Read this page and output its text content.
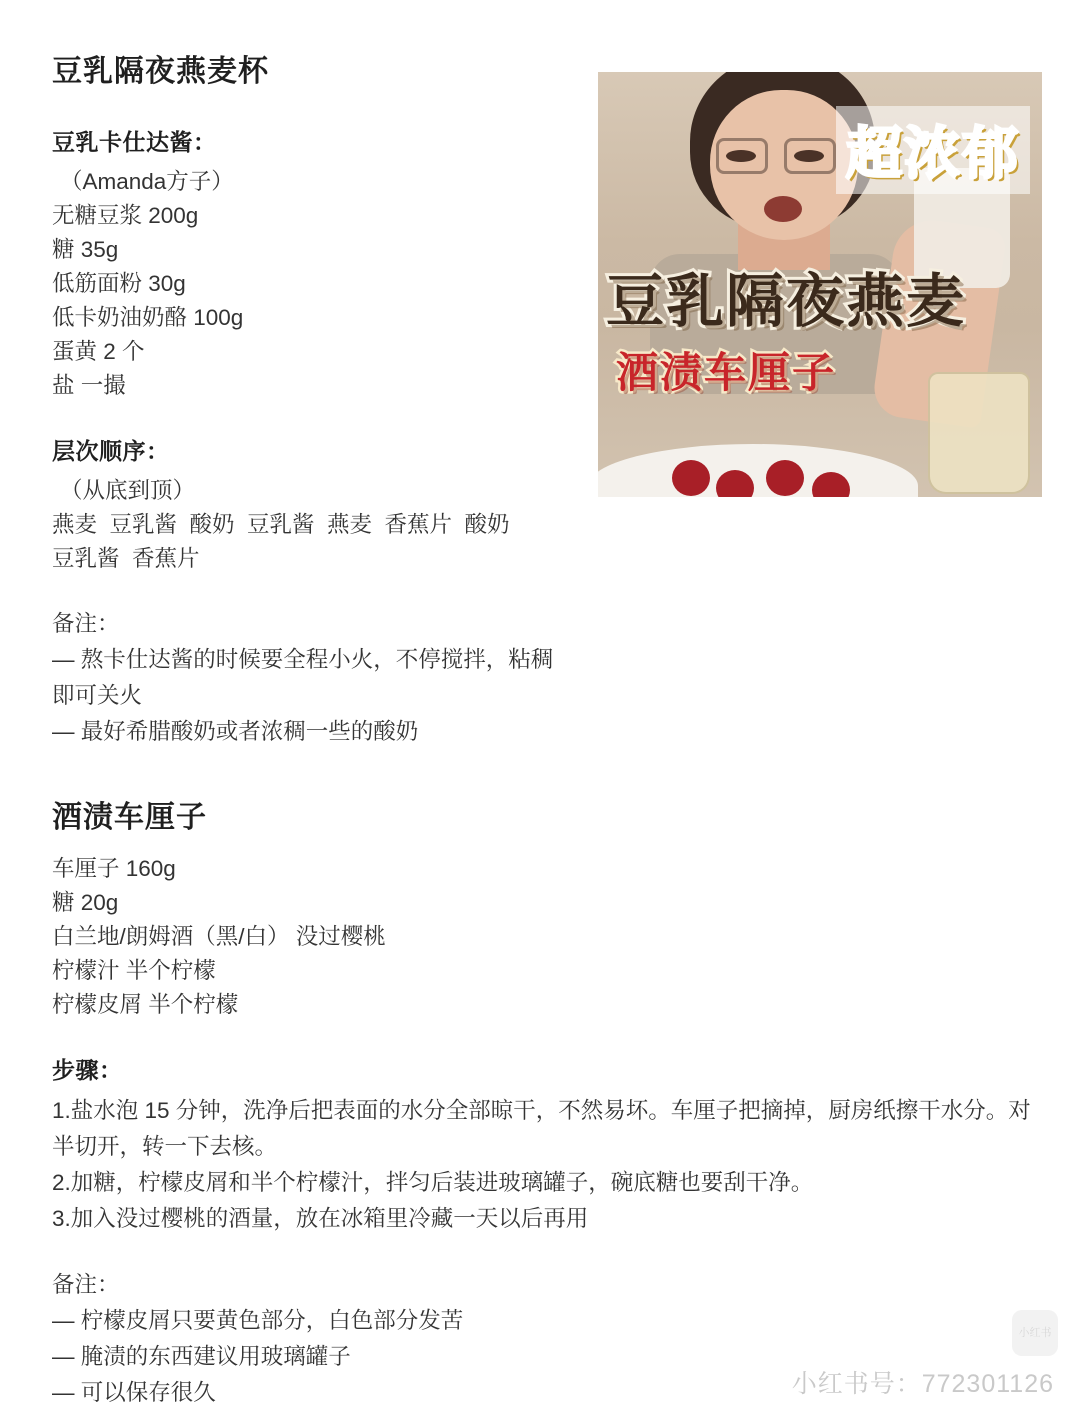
豆乳隔夜燕麦杯
豆乳卡仕达酱：
（Amanda方子）
无糖豆浆 200g
糖 35g
低筋面粉 30g
低卡奶油奶酪 100g
蛋黄 2 个
盐 一撮
层次顺序：
（从底到顶）
燕麦  豆乳酱  酸奶  豆乳酱  燕麦  香蕉片  酸奶
豆乳酱  香蕉片
备注：
— 熬卡仕达酱的时候要全程小火，不停搅拌，粘稠即可关火
— 最好希腊酸奶或者浓稠一些的酸奶
超浓郁
豆乳隔夜燕麦
酒渍车厘子
酒渍车厘子
车厘子 160g
糖 20g
白兰地/朗姆酒（黑/白） 没过樱桃
柠檬汁 半个柠檬
柠檬皮屑 半个柠檬
步骤：
1.盐水泡 15 分钟，洗净后把表面的水分全部晾干，不然易坏。车厘子把摘掉，厨房纸擦干水分。对半切开，转一下去核。
2.加糖，柠檬皮屑和半个柠檬汁，拌匀后装进玻璃罐子，碗底糖也要刮干净。
3.加入没过樱桃的酒量，放在冰箱里冷藏一天以后再用
备注：
— 柠檬皮屑只要黄色部分，白色部分发苦
— 腌渍的东西建议用玻璃罐子
— 可以保存很久
小红书
小红书号：772301126
